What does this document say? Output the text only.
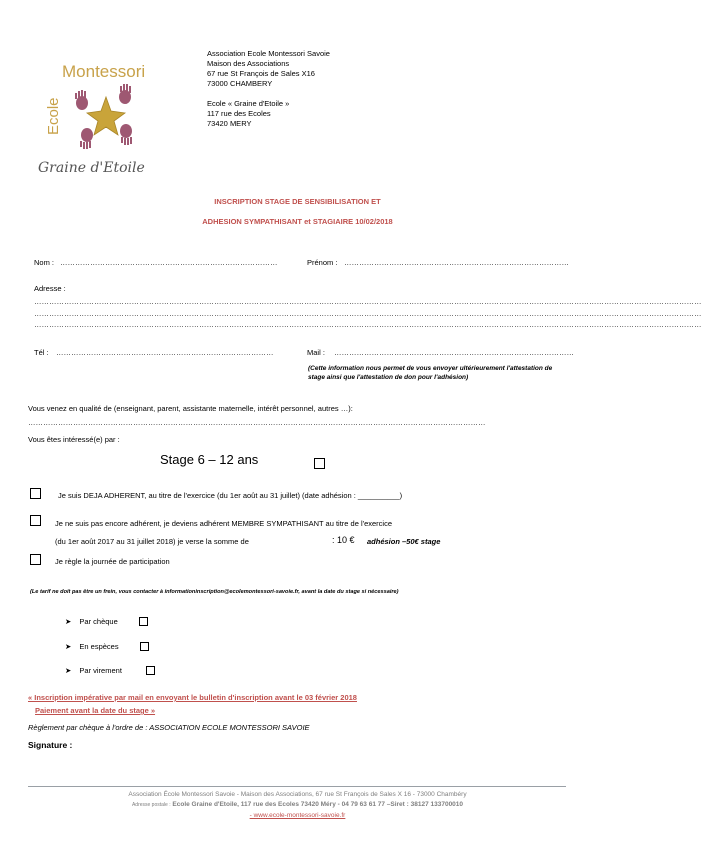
Montessori
Ecole
Graine d'Etoile
Association Ecole Montessori Savoie
Maison des Associations
67 rue St François de Sales X16
73000 CHAMBERY
Ecole « Graine d'Etoile »
117 rue des Ecoles
73420 MERY
INSCRIPTION STAGE DE SENSIBILISATION ET
ADHESION SYMPATHISANT et STAGIAIRE 10/02/2018
Nom : ……………………………………………………………………………	Prénom : ………………………………………………………………………………
Adresse :
……………………………………………………………………………………………………………………………………………………………………………………………………………………………………………
……………………………………………………………………………………………………………………………………………………………………………………………………………………………………………
……………………………………………………………………………………………………………………………………………………………………………………………………………………………………………
Tél : ……………………………………………………………………………	Mail : ……………………………………………………………………………………
(Cette information nous permet de vous envoyer ultérieurement l'attestation de stage ainsi que l'attestation de don pour l'adhésion)
Vous venez en qualité de (enseignant, parent, assistante maternelle, intérêt personnel, autres …):
…………………………………………………………………………………………………………………………………………………………………
Vous êtes intéressé(e) par :
Stage 6 – 12 ans
Je suis DEJA ADHERENT, au titre de l'exercice (du 1er août au 31 juillet) (date adhésion : __________)
Je ne suis pas encore adhérent, je deviens adhérent MEMBRE SYMPATHISANT au titre de l'exercice
(du 1er août 2017 au 31 juillet 2018) je verse la somme de	: 10 € adhésion –50€ stage
Je règle la journée de participation
(Le tarif ne doit pas être un frein, vous contacter à informationinscription@ecolemontessori-savoie.fr, avant la date du stage si nécessaire)
➤ Par chèque
➤ En espèces
➤ Par virement
« Inscription impérative par mail en envoyant le bulletin d'inscription avant le 03 février 2018
Paiement avant la date du stage »
Règlement par chèque à l'ordre de : ASSOCIATION ECOLE MONTESSORI SAVOIE
Signature :
Association École Montessori Savoie - Maison des Associations, 67 rue St François de Sales X 16 - 73000 Chambéry
Adresse postale : Ecole Graine d'Etoile, 117 rue des Ecoles 73420 Méry - 04 79 63 61 77 –Siret : 38127 133700010
- www.ecole-montessori-savoie.fr
